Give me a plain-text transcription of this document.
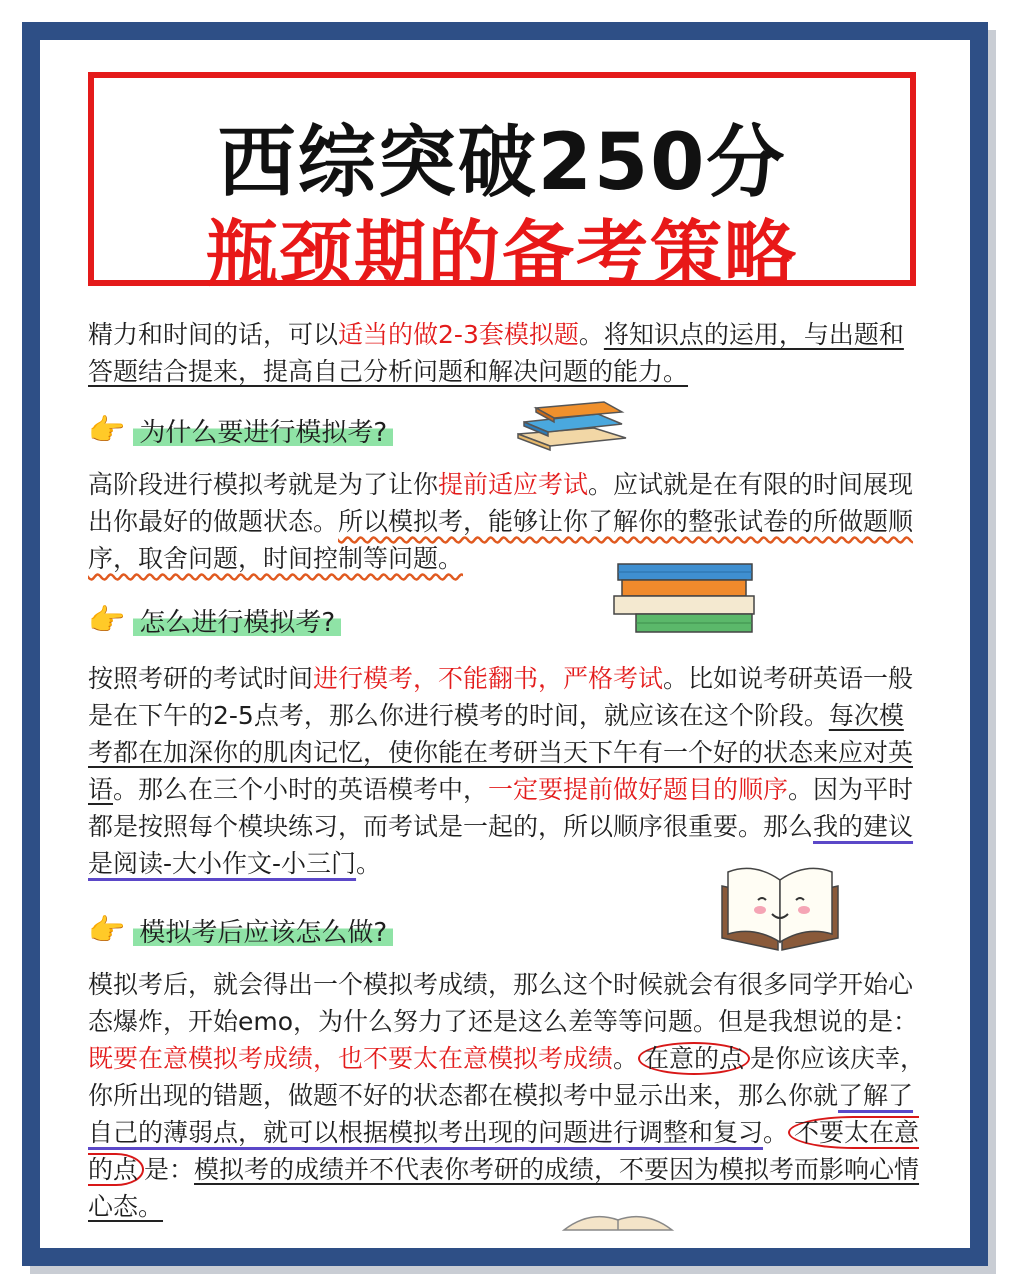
西综突破250分
瓶颈期的备考策略
精力和时间的话，可以适当的做2-3套模拟题。将知识点的运用，与出题和答题结合提来，提高自己分析问题和解决问题的能力。
👉 为什么要进行模拟考?
高阶段进行模拟考就是为了让你提前适应考试。应试就是在有限的时间展现出你最好的做题状态。所以模拟考，能够让你了解你的整张试卷的所做题顺序，取舍问题，时间控制等问题。
👉 怎么进行模拟考?
按照考研的考试时间进行模考，不能翻书，严格考试。比如说考研英语一般是在下午的2-5点考，那么你进行模考的时间，就应该在这个阶段。每次模考都在加深你的肌肉记忆，使你能在考研当天下午有一个好的状态来应对英语。那么在三个小时的英语模考中，一定要提前做好题目的顺序。因为平时都是按照每个模块练习，而考试是一起的，所以顺序很重要。那么我的建议是阅读-大小作文-小三门。
👉 模拟考后应该怎么做?
模拟考后，就会得出一个模拟考成绩，那么这个时候就会有很多同学开始心态爆炸，开始emo，为什么努力了还是这么差等等问题。但是我想说的是：既要在意模拟考成绩，也不要太在意模拟考成绩。 在意的点 是你应该庆幸，你所出现的错题，做题不好的状态都在模拟考中显示出来，那么你就了解了自己的薄弱点，就可以根据模拟考出现的问题进行调整和复习。 不要太在意的点 是：模拟考的成绩并不代表你考研的成绩，不要因为模拟考而影响心情心态。
